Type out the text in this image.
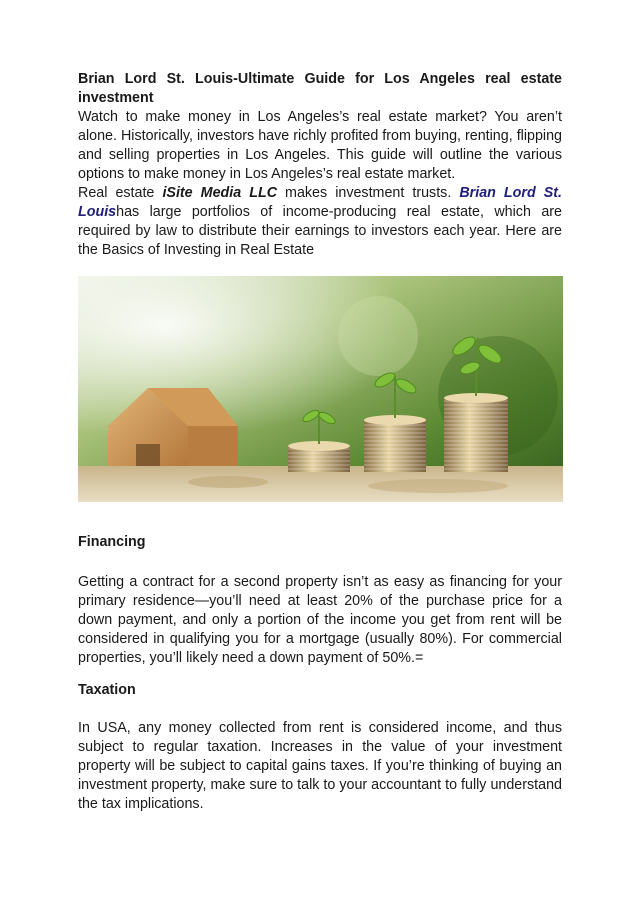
Brian Lord St. Louis-Ultimate Guide for Los Angeles real estate investment

Watch to make money in Los Angeles’s real estate market? You aren’t alone. Historically, investors have richly profited from buying, renting, flipping and selling properties in Los Angeles. This guide will outline the various options to make money in Los Angeles’s real estate market.

Real estate iSite Media LLC makes investment trusts. Brian Lord St. Louishas large portfolios of income-producing real estate, which are required by law to distribute their earnings to investors each year. Here are the Basics of Investing in Real Estate

Financing

Getting a contract for a second property isn’t as easy as financing for your primary residence—you’ll need at least 20% of the purchase price for a down payment, and only a portion of the income you get from rent will be considered in qualifying you for a mortgage (usually 80%). For commercial properties, you’ll likely need a down payment of 50%.=

Taxation

In USA, any money collected from rent is considered income, and thus subject to regular taxation. Increases in the value of your investment property will be subject to capital gains taxes. If you’re thinking of buying an investment property, make sure to talk to your accountant to fully understand the tax implications.
